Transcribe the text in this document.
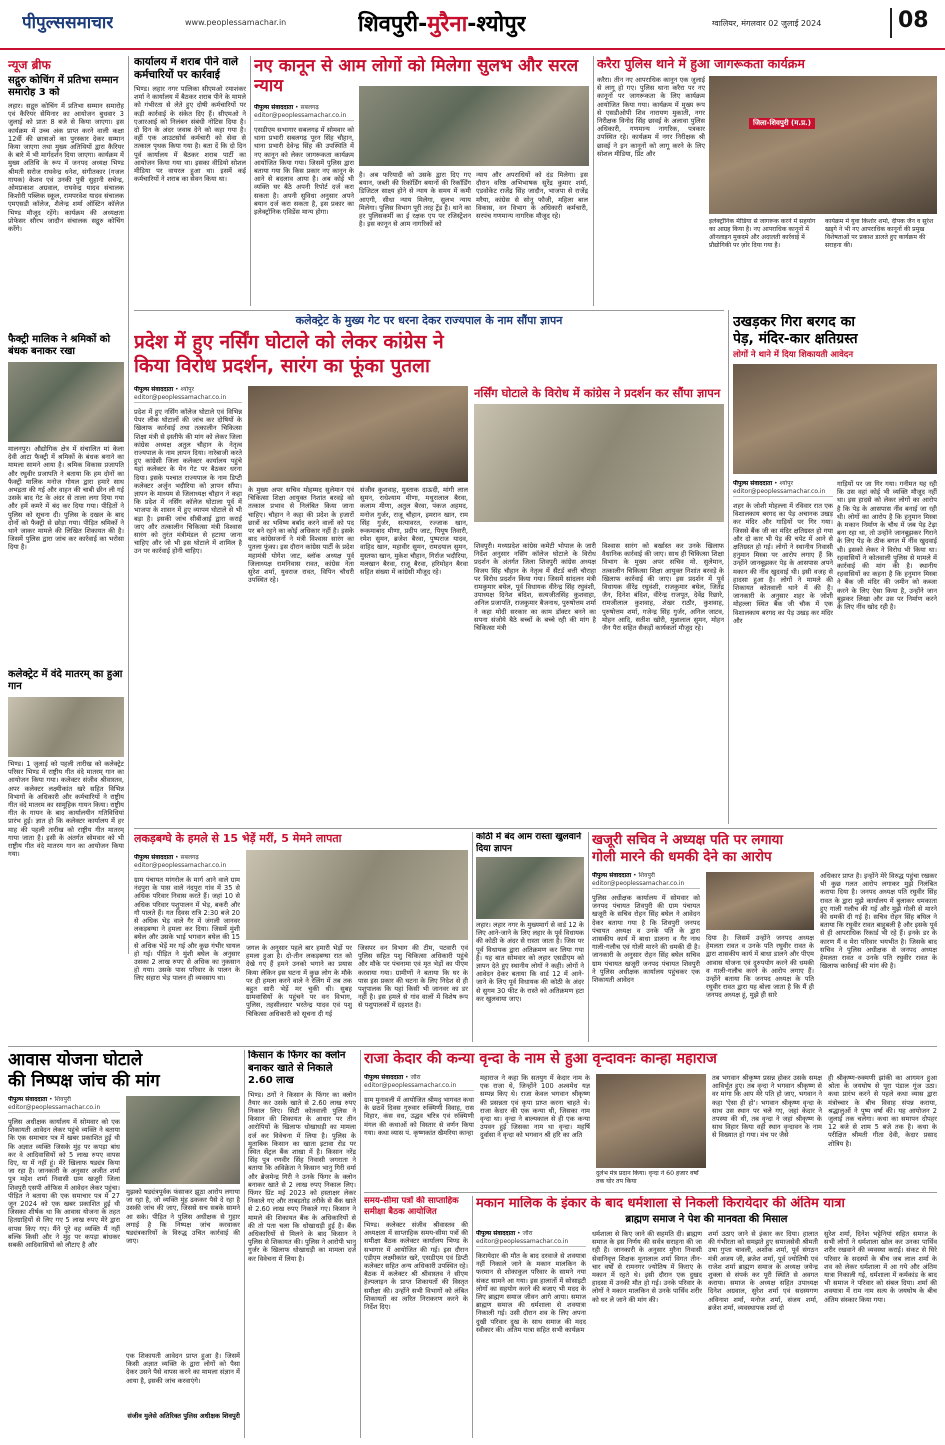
पीपुल्ससमाचार	www.peoplessamachar.in	शिवपुरी-मुरैना-श्योपुर	ग्वालियर, मंगलवार 02 जुलाई 2024	08
न्यूज ब्रीफ
सद्गुरु कोचिंग में प्रतिभा सम्मान समारोह 3 को
लहार। सद्गुरु कोचिंग में प्रतिभा सम्मान समारोह एवं कैरियर सेमिनार का आयोजन बुधवार 3 जुलाई को प्रातः 8 बजे से किया जाएगा। इस कार्यक्रम में उच्च अंक प्राप्त करने वाली कक्षा 12वीं की छात्राओं का पुरस्कार देकर सम्मान किया जाएगा तथा मुख्य अतिथियों द्वारा कैरियर के बारे में भी मार्गदर्शन दिया जाएगा। कार्यक्रम में मुख्य अतिथि के रूप में जनपद अध्यक्ष भिण्ड श्रीमती सरोज राघवेन्द्र धनेश, संगीतकार (गजल गायक) केशव एवं उनकी पुत्री सुहानी सचेन्द्र, ओमप्रकाश अग्रवाल, राघवेन्द्र यादव संचालक किशोरी पब्लिक स्कूल, रामपरवेश यादव संचालक एमएसडी कॉलेज, शैलेन्द्र शर्मा ऑस्टिन कॉलेज भिण्ड मौजूद रहेंगे। कार्यक्रम की अध्यक्षता प्रोफेसर सौरभ जादौन संचालक सद्गुरु कोचिंग करेंगे।
फैक्ट्री मालिक ने श्रमिकों को बंधक बनाकर रखा
मालनपुर। औद्योगिक क्षेत्र में संचालित मां केला देवी आटा फैक्ट्री में श्रमिकों के बंधक बनाने का मामला सामने आया है। श्रमिक विकास प्रजापति और रघुवीर प्रजापति ने बताया कि हम दोनों का फैक्ट्री मालिक मनोज गोयल द्वारा हमारे साथ अभद्रता की गई और वाहन की चाबी छीन ली गई उसके बाद गेट के अंदर से ताला लगा दिया गया और हमें कमरे में बंद कर दिया गया। पीड़ितों ने पुलिस को सूचना दी। पुलिस के दखल के बाद दोनों को फैक्ट्री से छोड़ा गया। पीड़ित श्रमिकों ने थाने जाकर मामले की लिखित शिकायत की है। जिसमें पुलिस द्वारा जांच कर कार्रवाई का भरोसा दिया है।
कलेक्ट्रेट में वंदे मातरम् का हुआ गान
भिण्ड। 1 जुलाई को पहली तारीख को कलेक्ट्रेट परिसर भिण्ड में राष्ट्रीय गीत वंदे मातरम् गान का आयोजन किया गया। कलेक्टर संजीव श्रीवास्तव, अपर कलेक्टर लक्ष्मीकांत खरे सहित विभिन्न विभागों के अधिकारी और कर्मचारियों ने राष्ट्रीय गीत वंदे मातरम का सामूहिक गायन किया। राष्ट्रीय गीत के गायन के बाद कार्यालयीन गतिविधियां प्रारंभ हुई। ज्ञात हो कि कलेक्टर कार्यालय में हर माह की पहली तारीख को राष्ट्रीय गीत मातरम् गाया जाता है। इसी के अंतर्गत सोमवार को भी राष्ट्रीय गीत वंदे मातरम गान का आयोजन किया गया।
कार्यालय में शराब पीने वाले कर्मचारियों पर कार्रवाई
भिण्ड। लहार नगर पालिका सीएमओ रमाशंकर शर्मा ने कार्यालय में बैठकर शराब पीने के मामले को गंभीरता से लेते हुए दोषी कर्मचारियों पर कड़ी कार्रवाई के संकेत दिए हैं। सीएमओ ने एआरआई को निलंबन संबंधी नोटिस दिया है। दो दिन के अंदर जवाब देने को कहा गया है। वहीं एक आउटसोर्स कर्मचारी को सेवा से तत्काल पृथक किया गया है। बता दें कि दो दिन पूर्व कार्यालय में बैठकर शराब पार्टी का आयोजन किया गया था। इसका वीडियो सोशल मीडिया पर वायरल हुआ था। इसमें कई कर्मचारियों ने शराब का सेवन किया था।
नए कानून से आम लोगों को मिलेगा सुलभ और सरल न्याय
पीपुल्स संवाददाता • सबलगढ़
editor@peoplessamachar.co.in
एसडीएम सभागार सबलगढ़ में सोमवार को थाना प्रभारी सबलगढ़ पूरन सिंह चौहान, थाना प्रभारी देवेन्द्र सिंह की उपस्थिति में नए कानून को लेकर जागरूकता कार्यक्रम आयोजित किया गया। जिसमें पुलिस द्वारा बताया गया कि किस प्रकार नए कानून के आने से बदलाव आया है। अब कोई भी व्यक्ति घर बैठे अपनी रिपोर्ट दर्ज करा सकता है। अपनी सुविधा अनुसार अपने बयान दर्ज करा सकता है, इस प्रकार का इलेक्ट्रॉनिक एविडेंस मान्य होगा।
है। अब फरियादी को उसके द्वारा दिए गए बयान, जब्ती की रिकॉर्डिंग बयानों की रिकॉर्डिंग डिजिटल साक्ष्य होने से न्याय के समय में कमी आएगी, सीधा न्याय मिलेगा, सुलभ न्याय मिलेगा। पुलिस विभाग पूरी तरह ट्रेंड है। थाने का हर पुलिसकर्मी का ई रक्षक एप पर रजिस्ट्रेशन है। इस कानून से आम नागरिकों को
न्याय और अपराधियों को दंड मिलेगा। इस दौरान वरिष्ठ अभिभाषक सुरेंद्र कुमार शर्मा, एडवोकेट राजेंद्र सिंह जादौन, भाजपा से राजेंद्र मरैया, कांग्रेस से सोनू फौजी, महिला बाल विकास, वन विभाग के अधिकारी कर्मचारी, सरपंच गणमान्य नागरिक मौजूद रहे।
करैरा पुलिस थाने में हुआ जागरूकता कार्यक्रम
करैरा। तीन नए आपराधिक कानून एक जुलाई से लागू हो गए। पुलिस थाना करैरा पर नए कानूनों पर जागरूकता के लिए कार्यक्रम आयोजित किया गया। कार्यक्रम में मुख्य रूप से एसडीओपी शिव नारायण मुकाती, नगर निरीक्षक विनोद सिंह छावई के अलावा पुलिस अधिकारी, गणमान्य नागरिक, पत्रकार उपस्थित रहे। कार्यक्रम में नगर निरीक्षक श्री छावई ने इन कानूनों को लागू करने के लिए सोशल मीडिया, प्रिंट और
जिला-शिवपुरी (म.प्र.)
इलेक्ट्रॉनिक मीडिया से जागरूक करने में सहयोग का आग्रह किया है। नए आपराधिक कानूनों में ऑनलाइन मुकदमे और अदालती कार्रवाई में प्रौद्योगिकी पर ज़ोर दिया गया है।
कार्यक्रम में युवा किशोर शर्मा, दीपक जैन व सुरेश खड्गे ने भी नए आपराधिक कानूनों की प्रमुख विशेषताओं पर प्रकाश डालते हुए कार्यक्रम की सराहना की।
कलेक्ट्रेट के मुख्य गेट पर धरना देकर राज्यपाल के नाम सौंपा ज्ञापन
प्रदेश में हुए नर्सिंग घोटाले को लेकर कांग्रेस ने
किया विरोध प्रदर्शन, सारंग का फूंका पुतला
पीपुल्स संवाददाता • श्योपुर
editor@peoplessamachar.co.in
प्रदेश में हुए नर्सिंग कॉलेज घोटाले एवं विभिन्न पेपर लीक घोटालों की जांच कर दोषियों के खिलाफ कार्रवाई तथा तत्कालीन चिकित्सा शिक्षा मंत्री से इस्तीफे की मांग को लेकर जिला कांग्रेस अध्यक्ष अतुल चौहान के नेतृत्व राज्यपाल के नाम ज्ञापन दिया। नारेबाजी करते हुए कांग्रेसी जिला कलेक्टर कार्यालय पहुंचे यहां कलेक्टर के मेन गेट पर बैठकर धरना दिया। इसके पश्चात राज्यपाल के नाम डिप्टी कलेक्टर अर्जुन भदौरिया को ज्ञापन सौंपा। ज्ञापन के माध्यम से जिलाध्यक्ष चौहान ने कहा कि प्रदेश में नर्सिंग कॉलेज घोटाला पूर्व में भाजपा के शासन में हुए व्यापम घोटाले से भी बड़ा है। इसकी जांच सीबीआई द्वारा कराई जाए और तत्कालीन चिकित्सा मंत्री विश्वास सारंग को तुरंत मंत्रीमंडल से हटाया जाना चाहिए और जो भी इस घोटाले में शामिल है उन पर कार्रवाई होनी चाहिए।
के मुख्य अपर सचिव मोहम्मद सुलेमान एवं चिकित्सा शिक्षा आयुक्त निशांत बरवड़े को तत्काल प्रभाव से निलंबित किया जाना चाहिए। चौहान ने कहा की प्रदेश के हजारों छात्रों का भविष्य बर्बाद करने वालों को पद पर बने रहने का कोई अधिकार नहीं है। इसके बाद कांग्रेसजनों ने मंत्री विश्वास सारंग का पुतला फूंका। इस दौरान कांग्रेस पार्टी के प्रदेश महामंत्री योगेश जाट, ब्लॉक अध्यक्ष पूर्व जिलाध्यक्ष रामनिवास रावत, कांग्रेस नेता सुरेश शर्मा, युवराज रावत, विपिन चौधरी उपस्थित रहे।
संजीव कुशवाह, मुस्ताक दाऊदी, मांगी लाल सुमन, राधेश्याम मीणा, मथुरालाल बैरवा, कलाम मीणा, अतुल बैरवा, पंकज अहमद, मनोज गुर्जर, राजू चौहान, इमरान खान, राम सिंह गुर्जर, सत्यावरत, रज्जाक खान, रूकमाबाद मीणा, प्रदीप जाट, पियूष तिवारी, रमेश सुमन, ब्रजेश बैरवा, पुष्पराज यादव, वाहिद खान, महावीर सुमन, रामदयाल सुमन, मुस्तफा खान, मुकेश चौहान, गिर्राज भदौरिया, मलखान बैरवा, राजू बैरवा, हरिमोहन बैरवा सहित संख्या में कांग्रेसी मौजूद रहे।
नर्सिंग घोटाले के विरोध में कांग्रेस ने प्रदर्शन कर सौंपा ज्ञापन
शिवपुरी। मध्यप्रदेश कांग्रेस कमेटी भोपाल के जारी निर्देश अनुसार नर्सिंग कॉलेज घोटाले के विरोध प्रदर्शन के अंतर्गत जिला शिवपुरी कांग्रेस अध्यक्ष विजय सिंह चौहान के नेतृत्व में सैंटर्ड बत्ती चौराहा पर विरोध प्रदर्शन किया गया। जिसमें सांदलन मंत्री रामकुमार बघेल, पूर्व विधायक वीरेन्द्र सिंह रघुवंशी, उपाध्यक्ष दिनेश बंदिश, सत्यजीतसिंह कुशवाहा, अनिल प्रजापति, राजकुमार बैजनाथ, पुरुषोत्तम शर्मा ने कहा मोदी सरकार का काम डॉक्टर बनने का सपना संजोये बैठे बच्चों के बच्चे रही की मांग है चिकित्सा मंत्री
विश्वास सारंग को बर्खास्त कर उनके खिलाफ वैधानिक कार्रवाई की जाए। साथ ही चिकित्सा शिक्षा विभाग के मुख्य अपर सचिव मो. सुलेमान, तत्कालीन चिकित्सा शिक्षा आयुक्त निशांत बरवड़े के खिलाफ कार्रवाई की जाए। इस प्रदर्शन में पूर्व विधायक वीरेंद्र रघुवंशी, राजकुमार बघेल, जितेंद्र जैन, दिनेश बंदिश, वीरेन्द्र राजपूत, देवेंद्र रिछारे, रामजीलाल कुशवाह, शेखर राठौर, कुशवाह, पुरुषोत्तम शर्मा, गजेन्द्र सिंह गुर्जर, अनिल जाटव, मोहन आदि, सतीश खोरी, मुन्नालाल सुमन, मोहन जैन पैरा सहित सैकड़ों कार्यकर्ता मौजूद रहे।
उखड़कर गिरा बरगद का
पेड़, मंदिर-कार क्षतिग्रस्त
लोगों ने थाने में दिया शिकायती आवेदन
पीपुल्स संवाददाता • श्योपुर
editor@peoplessamachar.co.in
शहर के जोशी मोहल्ला में रविवार रात एक विशालकाय बरगद का पेड़ अचानक उखड़ कर मंदिर और गाड़ियों पर गिर गया। जिससे बैंक जी का मंदिर क्षतिग्रस्त हो गया और दो कार भी पेड़ की चपेट में आने से क्षतिग्रस्त हो गई। लोगों ने स्थानीय निवासी हनुमान मिस्त्रा पर आरोप लगाए हैं कि उन्होंने जानबूझकर पेड़ के आसपास अपने मकान की नींव खुदवाई थी। इसी वजह से हादसा हुआ है। लोगों ने मामले की शिकायत कोतवाली थाने में की है। जानकारी के अनुसार शहर के जोशी मोहल्ला स्थित बैंक जी चौक में एक विशालकाय बरगद का पेड़ उखड़ कर मंदिर और
गाड़ियों पर जा गिर गया। गनीमत यह रही कि उस वहां कोई भी व्यक्ति मौजूद नहीं था। इस हादसे को लेकर लोगों का आरोप है कि पेड़ के आसपास नींव बनाई जा रही थी। लोगों का आरोप है कि हनुमान मिस्त्रा के मकान निर्माण के चौथ में जब पेड़ टेढ़ा बना रहा था, तो उन्होंने जानबूझकर गिराने के लिए पेड़ के ठीक बगल में नींव खुदवाई थी। इसको लेकर ने विरोध भी किया था। रहवासियों ने कोतवाली पुलिस से मामले में कार्रवाई की मांग की है। स्थानीय रहवासियों का कहना है कि हनुमान मिस्त्रा ने बैंक जी मंदिर की जमीन को कब्जा करने के लिए ऐसा किया है, उन्होंने जान बूझकर लिखा और उस पर निर्माण करने के लिए नींव खोद रही है।
लकड़बग्घे के हमले से 15 भेड़ें मरीं, 5 मेमने लापता
पीपुल्स संवाददाता • सबलगढ़
editor@peoplessamachar.co.in
ग्राम पंचायत मांगरोल के मार्ग आने वाले ग्राम नंदपुरा के पास वाले नंदपुरा गांव में 35 से अधिक परिवार निवास करते हैं। जहां 10 से अधिक परिवार पशुपालन में भेड़, बकरी और गौ पालते हैं। गत दिवस रात्रि 2:30 बजे 20 से अधिक भेड़ वाले गैर में जंगली जानवर लकड़बग्घा ने हमला कर दिया। जिसमें मुंशी बघेल और उसके भाई भगवान बघेल की 15 से अधिक भेड़ें मर गई और कुछ गंभीर घायल हो गई। पीड़ित ने मुंशी बघेल के अनुसार उसका 2 लाख रुपए से अधिक का नुकसान हो गया। उसके पास परिवार के पालन के लिए सहारा भेड़ पालन ही व्यवसाय था।
जगल के अनुसार पहले बार हमारी भेड़ों पर हमला हुआ है। दो-तीन लकड़बग्घा रात को देखे गए हैं हमने उनको भगाने का प्रयास किया लेकिन इस घटना में कुछ लोग के मौके पर ही हमला करने वाले ने रेलिंग में तब तक बहुत सारी भेड़ें मर चुकी थी। सुबह ग्रामवासियों के पहुंचने पर वन विभाग, पुलिस, तहसीलदार भरतेन्द्र यादव एवं पशु चिकित्सा अधिकारी को सूचना दी गई
जिसपर वन विभाग की टीम, पटवारी एवं पुलिस सहित पशु चिकित्सा अधिकारी पहुंचे और मौके पर पंचनामा एवं मृत भेड़ों का पीएम करवाया गया। ग्रामीणों ने बताया कि घर के पास इस प्रकार की घटना के लिए निदेश से ही पशुपालक कि यहां किसी भी जानवर का डर नहीं है। इस हमले से गांव वालों में विशेष रूप से पशुपालकों में दहशत है।
कोठी में बंद आम रास्ता खुलवाने दिया ज्ञापन
लहार। लहार नगर के मुख्यमार्ग से वार्ड 12 के लिए आने-जाने के लिए लहार के पूर्व विधायक की कोठी के अंदर से रास्ता जाता है। जिस पर पूर्व विधायक द्वारा अतिक्रमण कर लिया गया है। यह बात सोमवार को लहार एसडीएम को ज्ञापन देते हुए स्थानीय लोगों ने कही। लोगों ने आवेदन देकर बताया कि वार्ड 12 में आने-जाने के लिए पूर्व विधायक की कोठी के अंदर से सुगम 30 फीट के रास्ते को अतिक्रमण हटा कर खुलवाया जाए।
खजूरी सचिव ने अध्यक्ष पति पर लगाया
गोली मारने की धमकी देने का आरोप
पीपुल्स संवाददाता • शिवपुरी
editor@peoplessamachar.co.in
पुलिस अधीक्षक कार्यालय में सोमवार को जनपद पंचायत शिवपुरी की ग्राम पंचायत खजूरी के सचिव रोहन सिंह बघेल ने आवेदन देकर बताया गया है कि शिवपुरी जनपद पंचायत अध्यक्ष व उनके पति के द्वारा शासकीय कार्य में बाधा डालना व गैर नाथ गाली-गलौच एवं गोली मारने की धमकी दी है। जानकारी के अनुसार रोहन सिंह बघेल सचिव ग्राम पंचायत खजूरी जनपद पंचायत शिवपुरी ने पुलिस अधीक्षक कार्यालय पहुंचकर एक शिकायती आवेदन
दिया है। जिसमें उन्होंने जनपद अध्यक्ष हेमलता रावत व उनके पति रघुवीर रावत के द्वारा शासकीय कार्य में बाधा डालने और पीएम आवास योजना एवं दुरुपयोग करने की धमकी व गाली-गलौच करने के आरोप लगाए हैं। उन्होंने बताया कि जनपद अध्यक्ष के पति रघुवीर रावत द्वारा यह बोला जाता है कि मैं ही जनपद अध्यक्ष हूं, मुझे ही सारे
अधिकार प्राप्त है। इन्होंने मेरे विरुद्ध पहुंचा रखकर भी कुछ गलत आरोप लगाकर मुझे निलंबित कराया दिया है। जनपद अध्यक्ष पति रघुवीर सिंह रावत के द्वारा मुझे कार्यालय में बुलाकर धमकाता हुए गाली गलौच की गई और मुझे गोली से मारने की धमकी दी गई है। सचिव रोहन सिंह बघिल ने बताया कि रघुवीर रावत बाहुबली है और इसके पूर्व से ही आपराधिक रिकार्ड भी रहे हैं। इनके डर के कारण मैं व मेरा परिवार भयभीत है। जिसके बाद सचिव ने पुलिस अधीक्षक से जनपद अध्यक्ष हेमलता रावत व उनके पति रघुवीर रावत के खिलाफ कार्रवाई की मांग की है।
आवास योजना घोटाले
की निष्पक्ष जांच की मांग
पीपुल्स संवाददाता • शिवपुरी
editor@peoplessamachar.co.in
पुलिस अधीक्षक कार्यालय में सोमवार को एक शिकायती आवेदन लेकर पहुंचे व्यक्ति ने बताया कि एक समाचार पत्र में खबर प्रकाशित हुई थी कि अज्ञात व्यक्ति जिसके मुंह पर कपड़ा बांध कर वे आदिवासियों को 5 लाख रुपए वापस दिए, या में नहीं हूं। मेरे खिलाफ षड्यंत्र किया जा रहा है। जानकारी के अनुसार अजीत शर्मा पुत्र महेश शर्मा निवासी ग्राम खजूरी जिला शिवपुरी एसपी ऑफिस में आवेदन लेकर पहुंचा। पीड़ित ने बताया की एक समाचार पत्र में 27 जून 2024 को एक खबर प्रकाशित हुई थी जिसका शीर्षक था कि आवास योजना के तहत हितग्राहियों से लिए गए 5 लाख रुपए मेरे द्वारा वापस किए गए। मैंने पूरे वह व्यक्ति मैं नहीं बल्कि किसी और ने मुंह पर कपड़ा बांधकर सबकी आदिवासियों को लौटाए है और
मुझको षड्यंत्रपूर्वक फंसाकर झूठा आरोप लगाया जा रहा है, जो व्यक्ति मुंह ढककर पैसे दे रहा है उसकी जांच की जाए, जिससे सच सबके सामने आ सके। पीड़ित ने पुलिस अधीक्षक से गुहार लगाई है कि निष्पक्ष जांच करवाकर षड्यंत्रकारियों के विरुद्ध उचित कार्रवाई की जाए।
एक शिकायती आवेदन प्राप्त हुआ है। जिसमें किसी अज्ञात व्यक्ति के द्वारा लोगों को पैसा देकर उसने पैसे वापस करने का मामला संज्ञान में आया है, इसकी जांच करवाएंगे।
संजीव मुलेसे अतिरिक्त पुलिस अधीक्षक शिवपुरी
किसान के फिंगर का क्लोन बनाकर खाते से निकाले 2.60 लाख
भिण्ड। ठगों ने किसान के फिंगर का क्लोन तैयार कर उसके खाते से 2.60 लाख रुपए निकाल लिए। सिटी कोतवाली पुलिस ने किसान की शिकायत के आधार पर तीन आरोपियों के खिलाफ धोखाधड़ी का मामला दर्ज कर विवेचना में लिया है। पुलिस के मुताबिक किसान का खाता इटावा रोड पर स्थित सेंट्रल बैंक शाखा में है। किसान नरेंद्र सिंह पुत्र रणवीर सिंह निवासी जगराता ने बताया कि अविक्रेता ने किसान भानु गिरी वर्मा और ब्रेजमेन्द्र गिरी ने उनके फिंगर के क्लोन बनाकर खाते से 2 लाख रुपए निकाल लिए। फिंगर प्रिंट मई 2023 को हस्ताक्षर लेकर निकाले गए और ताबड़तोड़ तरीके से बैंक खाते से 2.60 लाख रुपए निकाले गए। किसान ने मामले की शिकायत बैंक के अधिकारियों से की तो पता चला कि धोखाधड़ी हुई है। बैंक अधिकारियों से मिलने के बाद किसान ने पुलिस से शिकायत की। पुलिस ने आरोपी भानु गुर्जर के खिलाफ धोखाधड़ी का मामला दर्ज कर विवेचना में लिया है।
राजा केदार की कन्या वृन्दा के नाम से हुआ वृन्दावनः कान्हा महाराज
पीपुल्स संवाददाता • जौरा
editor@peoplessamachar.co.in
ग्राम मुनावली में आयोजित श्रीमद् भागवत कथा के छठवें दिवस गुरुवार रुक्मिणी विवाह, रास विहार, कंस वध, उद्धव चरित्र एवं रुक्मिणी मंगल की कथाओं को विस्तार से वर्णन किया गया। कथा व्यास पं. कृष्णकांत खैमरिया कान्हा
महाराज ने कहा कि सतयुग में केदार नाम के एक राजा थे, जिन्होंने 100 अश्वमेध यज्ञ सम्पन्न किए थे। राजा केवल भगवान श्रीकृष्ण की प्रसन्नता एवं कृपा प्राप्त करना चाहते थे। राजा केदार की एक कन्या थी, जिसका नाम वृन्दा था। वृन्दा ने बाल्यकाल से ही एक कन्या उपवन हुई जिसका नाम था वृन्दा। महर्षि दुर्वासा ने वृन्दा को भगवान श्री हरि का अति
दुर्लभ मंत्र प्रदान किया। वृन्दा ने 60 हजार वर्षों तक घोर तप किया
तब भगवान श्रीकृष्ण प्रसन्न होकर उसके समक्ष आविर्भूत हुए। तब वृन्दा ने भगवान श्रीकृष्ण से वर मांगा कि आप मेरे पति हो जाए, भगवान ने कहा 'ऐसा ही हो'। भगवान श्रीकृष्ण वृन्दा के साथ उस स्थान पर चले गए, जहां केदार ने तपस्या की थी, तब वृन्दा ने जहां श्रीकृष्ण के साथ विहार किया वही स्थान वृन्दावन के नाम से विख्यात हो गया। मंच पर जैसे
ही श्रीकृष्ण-रुक्मणी झांकी का आगमन हुआ श्रोता के जयघोष से पूरा पंडाल गूंज उठा। कथा प्रारंभ करने से पहले कथा व्यास द्वारा मंत्रोच्चार के बीच विवाह संपन्न कराया, श्रद्धालुओं ने पुष्प वर्षा की। यह आयोजन 2 जुलाई तक चलेगा। कथा का समापन दोपहर 12 बजे से शाम 5 बजे तक है। कथा के परीक्षित श्रीमती गीता देवी, केदार प्रसाद शोत्रिय है।
समय-सीमा पत्रों की साप्ताहिक समीक्षा बैठक आयोजित
भिण्ड। कलेक्टर संजीव श्रीवास्तव की अध्यक्षता में साप्ताहिक समय-सीमा पत्रों की समीक्षा बैठक कलेक्टर कार्यालय भिण्ड के सभागार में आयोजित की गई। इस दौरान एडीएम लक्ष्मीकांत खरे, एसडीएम एवं डिप्टी कलेक्टर सहित अन्य अधिकारी उपस्थित रहे। बैठक में कलेक्टर श्री श्रीवास्तव ने सीएम हेल्पलाइन के प्राप्त शिकायतों की विस्तृत समीक्षा की। उन्होंने सभी विभागों को लंबित शिकायतों का त्वरित निराकरण करने के निर्देश दिए।
मकान मालिक के इंकार के बाद धर्मशाला से निकली किरायेदार की अंतिम यात्रा
ब्राह्मण समाज ने पेश की मानवता की मिसाल
पीपुल्स संवाददाता • जौरा
editor@peoplessamachar.co.in
किरायेदार की मौत के बाद दरवाजे से शवयात्रा नहीं निकाले जाने के मकान मालकिन के फरमान से शोकाकुल परिवार के सामने नया संकट सामने आ गया। इस हालातों में सोसाइटी लोगों का सहयोग करने की बजाए भी मदद के लिए ब्राह्मण समाज जीवन आगे आया। समाज ब्राह्मण समाज की धर्मशाला से शवयात्रा निकाली गई। उसी दौरान शव के लिए अपना दुखी परिवार दुख के साथ समाज की मदद स्वीकार की। अंतिम यात्रा सहित सभी कार्यक्रम
धर्मशाला से किए जाने की सहमति दी। ब्राह्मण समाज के इस निर्णय की सर्वत्र सराहना की जा रही है। जानकारी के अनुसार मुरैना निवासी सेवानिवृत्त शिक्षक मूनालाल शर्मा विगत तीन-चार वर्षों से रामनगर ज्योतिष में किराए के मकान में रहते थे। इसी दौरान एक दुखद हादसा में उनकी मौत हो गई। उनके परिवार के लोगों ने मकान मालकिन से उनके पार्थिव शरीर को घर ले जाने की मांग की।
शर्मा उठाए जाने से इंकार कर दिया। हालात की गंभीरता को समझते हुए समाजसेवी श्रीमती उषा गुप्ता चावली, अशोक शर्मा, पूर्व संगठन मंत्री अजय जी, ब्रजेश शर्मा, पूर्व ज्योतिषी एवं राजेश शर्मा ब्राह्मण समाज के अध्यक्ष जयेन्द्र शुक्ला से संपर्क कर पूरी स्थिति से अवगत कराया। समाज के अध्यक्ष सहित उपाध्यक्ष दिनेश अग्रवाल, सुरेश शर्मा एवं सदस्यगण अविनाश शर्मा, मनोज शर्मा, संजय शर्मा, ब्रजेश शर्मा, व्यवस्थापक शर्मा दो
सुरेश शर्मा, दिनेश भट्टेनियां सहित समाज के सभी लोगों ने धर्मशाला खोल कर उनका पार्थिव शरीर रखवाने की व्यवस्था कराई। संकट से घिरे परिवार के सदस्यों के बीच जब लाल शर्मा के शव को लेकर धर्मशाला में आ गये और अंतिम यात्रा निकाली गई, धर्मशाला में कर्मकांड के बाद भी समाज ने परिवार को संबल दिया। शर्मा की शवयात्रा में राम नाम सत्य के जयघोष के बीच अंतिम संस्कार किया गया।
